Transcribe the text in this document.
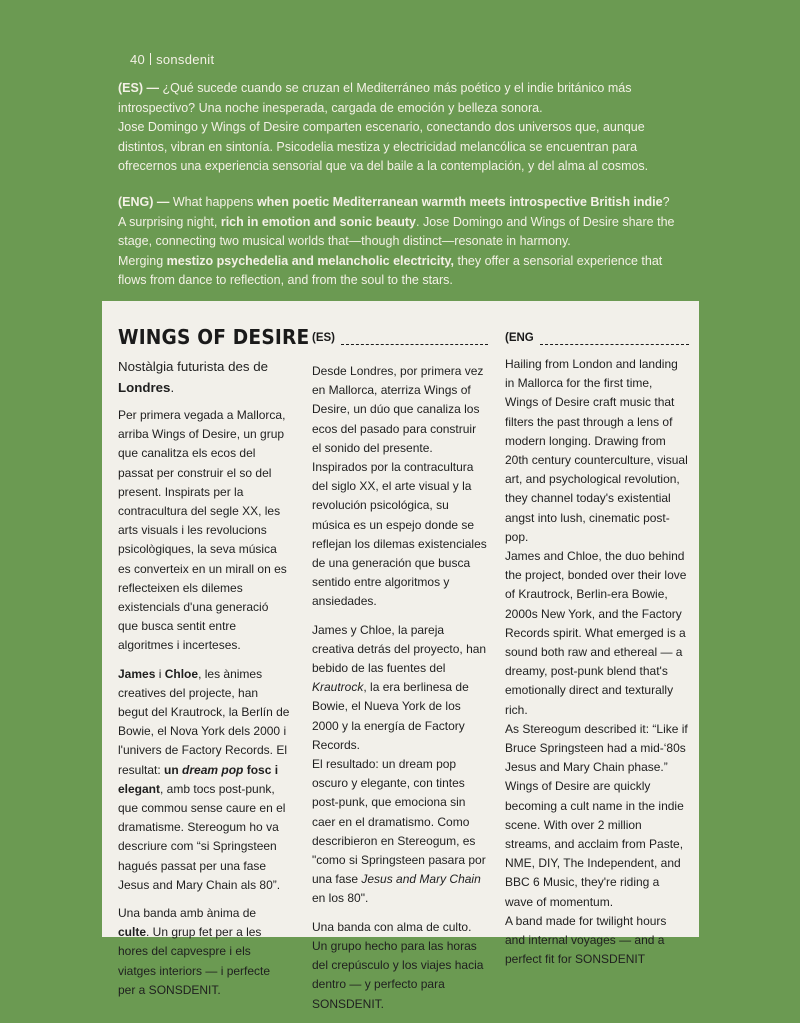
40 sonsdenit
(ES) — ¿Qué sucede cuando se cruzan el Mediterráneo más poético y el indie británico más introspectivo? Una noche inesperada, cargada de emoción y belleza sonora.
Jose Domingo y Wings of Desire comparten escenario, conectando dos universos que, aunque distintos, vibran en sintonía. Psicodelia mestiza y electricidad melancólica se encuentran para ofrecernos una experiencia sensorial que va del baile a la contemplación, y del alma al cosmos.
(ENG) — What happens when poetic Mediterranean warmth meets introspective British indie?
A surprising night, rich in emotion and sonic beauty. Jose Domingo and Wings of Desire share the stage, connecting two musical worlds that—though distinct—resonate in harmony.
Merging mestizo psychedelia and melancholic electricity, they offer a sensorial experience that flows from dance to reflection, and from the soul to the stars.
WINGS OF DESIRE
Nostàlgia futurista des de
Londres.

Per primera vegada a Mallorca, arriba Wings of Desire, un grup que canalitza els ecos del passat per construir el so del present. Inspirats per la contracultura del segle XX, les arts visuals i les revolucions psicològiques, la seva música es converteix en un mirall on es reflecteixen els dilemes existencials d'una generació que busca sentit entre algoritmes i incerteses.

James i Chloe, les ànimes creatives del projecte, han begut del Krautrock, la Berlín de Bowie, el Nova York dels 2000 i l'univers de Factory Records. El resultat: un dream pop fosc i elegant, amb tocs post-punk, que commou sense caure en el dramatisme. Stereogum ho va descriure com “si Springsteen hagués passat per una fase Jesus and Mary Chain als 80”.

Una banda amb ànima de culte. Un grup fet per a les hores del capvespre i els viatges interiors — i perfecte per a SONSDENIT.

(ES)

Desde Londres, por primera vez en Mallorca, aterriza Wings of Desire, un dúo que canaliza los ecos del pasado para construir el sonido del presente. Inspirados por la contracultura del siglo XX, el arte visual y la revolución psicológica, su música es un espejo donde se reflejan los dilemas existenciales de una generación que busca sentido entre algoritmos y ansiedades.

James y Chloe, la pareja creativa detrás del proyecto, han bebido de las fuentes del Krautrock, la era berlinesa de Bowie, el Nueva York de los 2000 y la energía de Factory Records.

El resultado: un dream pop oscuro y elegante, con tintes post-punk, que emociona sin caer en el dramatismo. Como describieron en Stereogum, es "como si Springsteen pasara por una fase Jesus and Mary Chain en los 80".

Una banda con alma de culto. Un grupo hecho para las horas del crepúsculo y los viajes hacia dentro — y perfecto para SONSDENIT.

(ENG

Hailing from London and landing in Mallorca for the first time, Wings of Desire craft music that filters the past through a lens of modern longing. Drawing from 20th century counterculture, visual art, and psychological revolution, they channel today's existential angst into lush, cinematic post-pop.

James and Chloe, the duo behind the project, bonded over their love of Krautrock, Berlin-era Bowie, 2000s New York, and the Factory Records spirit. What emerged is a sound both raw and ethereal — a dreamy, post-punk blend that's emotionally direct and texturally rich.

As Stereogum described it: “Like if Bruce Springsteen had a mid-‘80s Jesus and Mary Chain phase.”

Wings of Desire are quickly becoming a cult name in the indie scene. With over 2 million streams, and acclaim from Paste, NME, DIY, The Independent, and BBC 6 Music, they're riding a wave of momentum.

A band made for twilight hours and internal voyages — and a perfect fit for SONSDENIT
